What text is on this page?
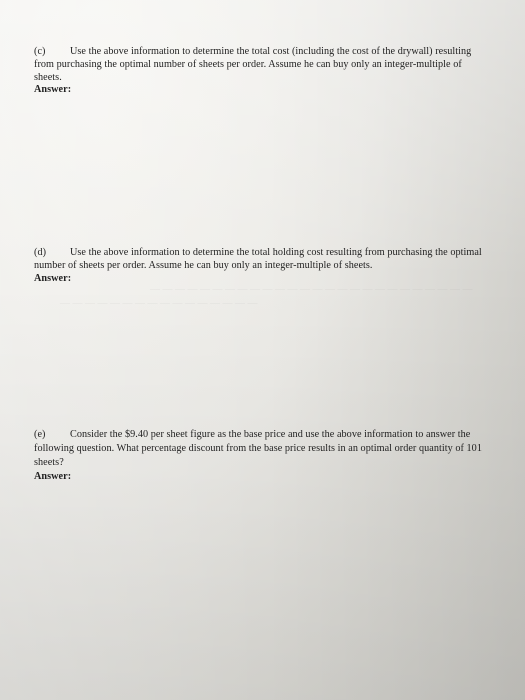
(c) Use the above information to determine the total cost (including the cost of the drywall) resulting from purchasing the optimal number of sheets per order. Assume he can buy only an integer-multiple of sheets.
Answer:
(d) Use the above information to determine the total holding cost resulting from purchasing the optimal number of sheets per order. Assume he can buy only an integer-multiple of sheets.
Answer:
— — — — — — — — — — — — — — — — — — — — — — — — — —
— — — — — — — — — — — — — — — —
(e) Consider the $9.40 per sheet figure as the base price and use the above information to answer the following question. What percentage discount from the base price results in an optimal order quantity of 101 sheets?
Answer:
